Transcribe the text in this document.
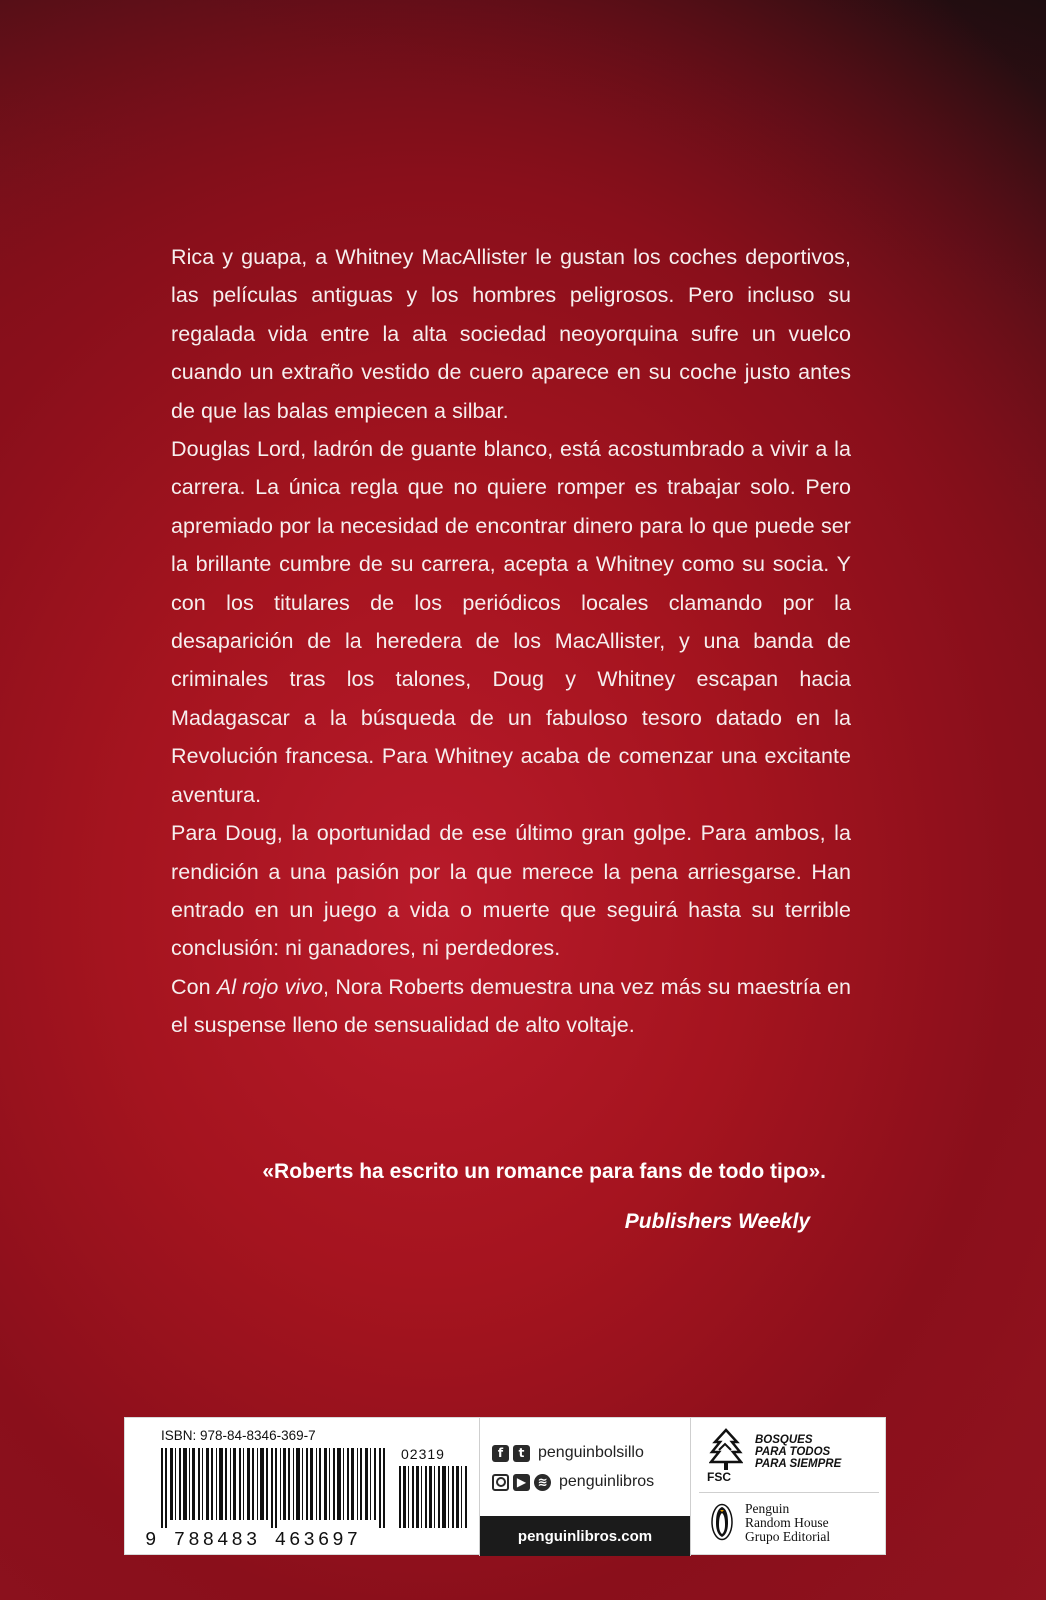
Rica y guapa, a Whitney MacAllister le gustan los coches deportivos, las películas antiguas y los hombres peligrosos. Pero incluso su regalada vida entre la alta sociedad neoyorquina sufre un vuelco cuando un extraño vestido de cuero aparece en su coche justo antes de que las balas empiecen a silbar.

Douglas Lord, ladrón de guante blanco, está acostumbrado a vivir a la carrera. La única regla que no quiere romper es trabajar solo. Pero apremiado por la necesidad de encontrar dinero para lo que puede ser la brillante cumbre de su carrera, acepta a Whitney como su socia. Y con los titulares de los periódicos locales clamando por la desaparición de la heredera de los MacAllister, y una banda de criminales tras los talones, Doug y Whitney escapan hacia Madagascar a la búsqueda de un fabuloso tesoro datado en la Revolución francesa. Para Whitney acaba de comenzar una excitante aventura.

Para Doug, la oportunidad de ese último gran golpe. Para ambos, la rendición a una pasión por la que merece la pena arriesgarse. Han entrado en un juego a vida o muerte que seguirá hasta su terrible conclusión: ni ganadores, ni perdedores.

Con Al rojo vivo, Nora Roberts demuestra una vez más su maestría en el suspense lleno de sensualidad de alto voltaje.

«Roberts ha escrito un romance para fans de todo tipo».
Publishers Weekly
ISBN: 978-84-8346-369-7
02319
9 788483 463697
f	t penguinbolsillo
▶ ≋ penguinlibros
penguinlibros.com
FSC
BOSQUES
PARA TODOS
PARA SIEMPRE
Penguin
Random House
Grupo Editorial
